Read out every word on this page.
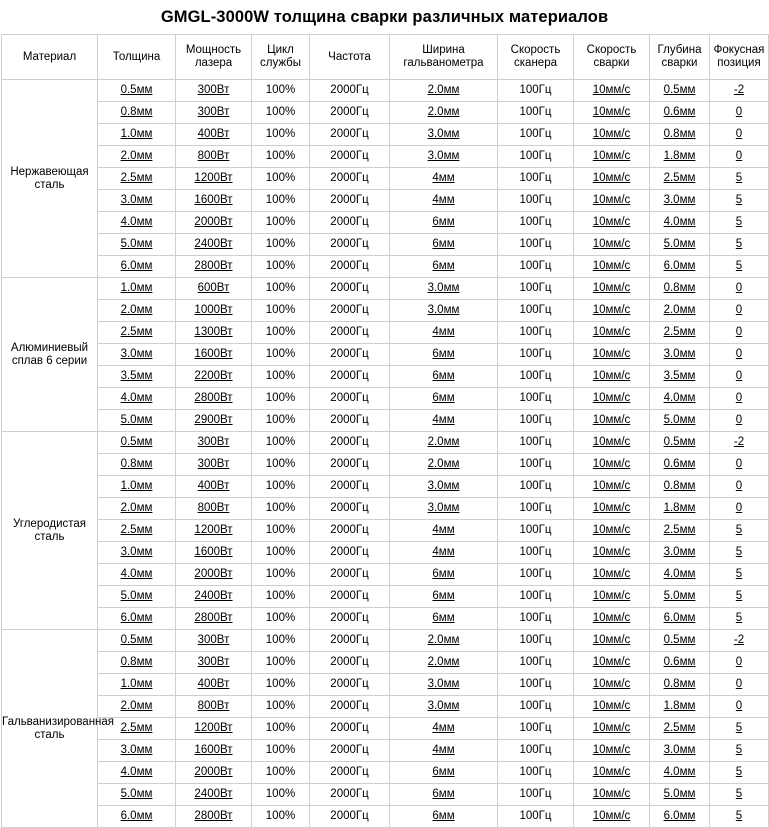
GMGL-3000W толщина сварки различных материалов
Материал	Толщина	Мощность лазера	Цикл службы	Частота	Ширина гальванометра	Скорость сканера	Скорость сварки	Глубина сварки	Фокусная позиция
Нержавеющая сталь	0.5мм	300Вт	100%	2000Гц	2.0мм	100Гц	10мм/с	0.5мм	-2
	0.8мм	300Вт	100%	2000Гц	2.0мм	100Гц	10мм/с	0.6мм	0
	1.0мм	400Вт	100%	2000Гц	3.0мм	100Гц	10мм/с	0.8мм	0
	2.0мм	800Вт	100%	2000Гц	3.0мм	100Гц	10мм/с	1.8мм	0
	2.5мм	1200Вт	100%	2000Гц	4мм	100Гц	10мм/с	2.5мм	5
	3.0мм	1600Вт	100%	2000Гц	4мм	100Гц	10мм/с	3.0мм	5
	4.0мм	2000Вт	100%	2000Гц	6мм	100Гц	10мм/с	4.0мм	5
	5.0мм	2400Вт	100%	2000Гц	6мм	100Гц	10мм/с	5.0мм	5
	6.0мм	2800Вт	100%	2000Гц	6мм	100Гц	10мм/с	6.0мм	5
Алюминиевый сплав 6 серии	1.0мм	600Вт	100%	2000Гц	3.0мм	100Гц	10мм/с	0.8мм	0
	2.0мм	1000Вт	100%	2000Гц	3.0мм	100Гц	10мм/с	2.0мм	0
	2.5мм	1300Вт	100%	2000Гц	4мм	100Гц	10мм/с	2.5мм	0
	3.0мм	1600Вт	100%	2000Гц	6мм	100Гц	10мм/с	3.0мм	0
	3.5мм	2200Вт	100%	2000Гц	6мм	100Гц	10мм/с	3.5мм	0
	4.0мм	2800Вт	100%	2000Гц	6мм	100Гц	10мм/с	4.0мм	0
	5.0мм	2900Вт	100%	2000Гц	4мм	100Гц	10мм/с	5.0мм	0
Углеродистая сталь	0.5мм	300Вт	100%	2000Гц	2.0мм	100Гц	10мм/с	0.5мм	-2
	0.8мм	300Вт	100%	2000Гц	2.0мм	100Гц	10мм/с	0.6мм	0
	1.0мм	400Вт	100%	2000Гц	3.0мм	100Гц	10мм/с	0.8мм	0
	2.0мм	800Вт	100%	2000Гц	3.0мм	100Гц	10мм/с	1.8мм	0
	2.5мм	1200Вт	100%	2000Гц	4мм	100Гц	10мм/с	2.5мм	5
	3.0мм	1600Вт	100%	2000Гц	4мм	100Гц	10мм/с	3.0мм	5
	4.0мм	2000Вт	100%	2000Гц	6мм	100Гц	10мм/с	4.0мм	5
	5.0мм	2400Вт	100%	2000Гц	6мм	100Гц	10мм/с	5.0мм	5
	6.0мм	2800Вт	100%	2000Гц	6мм	100Гц	10мм/с	6.0мм	5
Гальванизированная сталь	0.5мм	300Вт	100%	2000Гц	2.0мм	100Гц	10мм/с	0.5мм	-2
	0.8мм	300Вт	100%	2000Гц	2.0мм	100Гц	10мм/с	0.6мм	0
	1.0мм	400Вт	100%	2000Гц	3.0мм	100Гц	10мм/с	0.8мм	0
	2.0мм	800Вт	100%	2000Гц	3.0мм	100Гц	10мм/с	1.8мм	0
	2.5мм	1200Вт	100%	2000Гц	4мм	100Гц	10мм/с	2.5мм	5
	3.0мм	1600Вт	100%	2000Гц	4мм	100Гц	10мм/с	3.0мм	5
	4.0мм	2000Вт	100%	2000Гц	6мм	100Гц	10мм/с	4.0мм	5
	5.0мм	2400Вт	100%	2000Гц	6мм	100Гц	10мм/с	5.0мм	5
	6.0мм	2800Вт	100%	2000Гц	6мм	100Гц	10мм/с	6.0мм	5
